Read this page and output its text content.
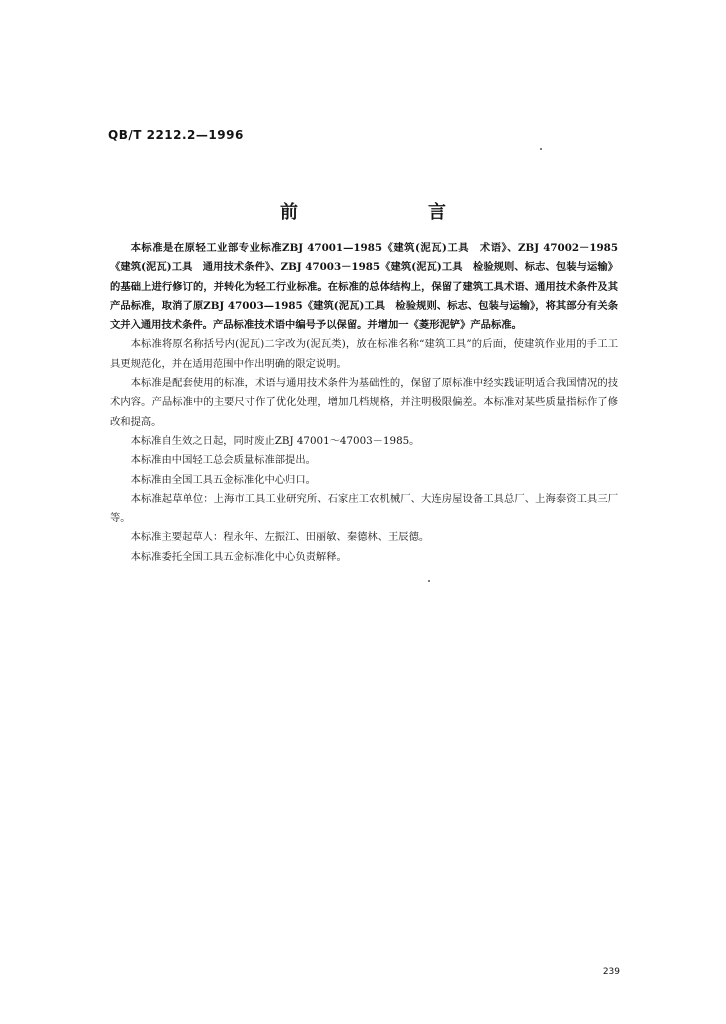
QB/T 2212.2—1996
前	言

本标准是在原轻工业部专业标准ZBJ 47001—1985《建筑(泥瓦)工具　术语》、ZBJ 47002－1985《建筑(泥瓦)工具　通用技术条件》、ZBJ 47003－1985《建筑(泥瓦)工具　检验规则、标志、包装与运输》的基础上进行修订的，并转化为轻工行业标准。在标准的总体结构上，保留了建筑工具术语、通用技术条件及其产品标准，取消了原ZBJ 47003—1985《建筑(泥瓦)工具　检验规则、标志、包装与运输》，将其部分有关条文并入通用技术条件。产品标准技术语中编号予以保留。并增加一《菱形泥铲》产品标准。

本标准将原名称括号内(泥瓦)二字改为(泥瓦类)，放在标准名称“建筑工具”的后面，使建筑作业用的手工工具更规范化，并在适用范围中作出明确的限定说明。

本标准是配套使用的标准，术语与通用技术条件为基础性的，保留了原标准中经实践证明适合我国情况的技术内容。产品标准中的主要尺寸作了优化处理，增加几档规格，并注明极限偏差。本标准对某些质量指标作了修改和提高。

本标准自生效之日起，同时废止ZBJ 47001～47003－1985。

本标准由中国轻工总会质量标准部提出。

本标准由全国工具五金标准化中心归口。

本标准起草单位：上海市工具工业研究所、石家庄工农机械厂、大连房屋设备工具总厂、上海泰资工具三厂等。

本标准主要起草人：程永年、左振江、田丽敏、秦德林、王辰德。

本标准委托全国工具五金标准化中心负责解释。

239
